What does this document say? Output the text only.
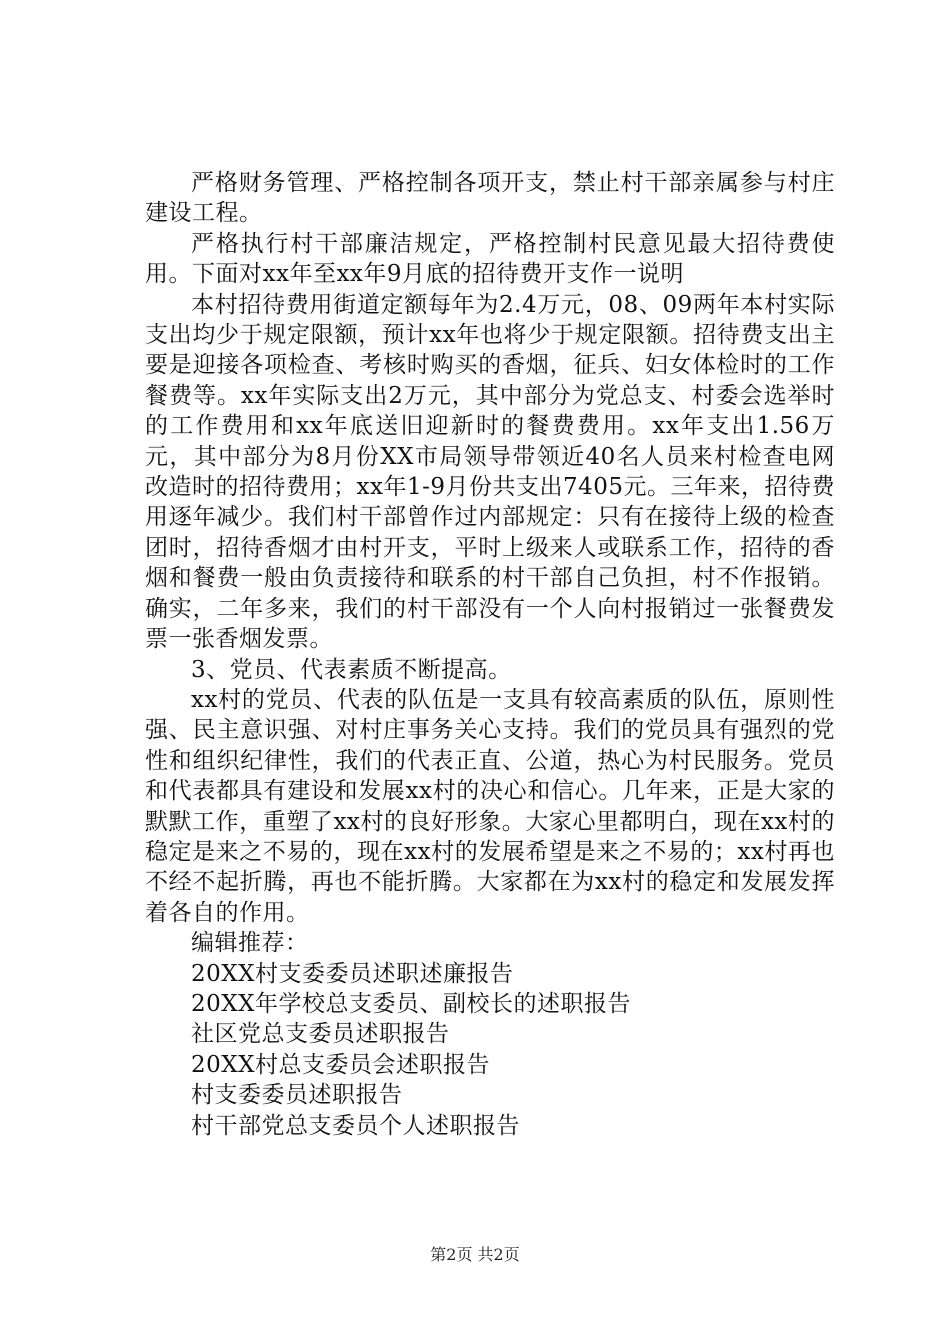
严格财务管理、严格控制各项开支，禁止村干部亲属参与村庄建设工程。

严格执行村干部廉洁规定，严格控制村民意见最大招待费使用。下面对xx年至xx年9月底的招待费开支作一说明

本村招待费用街道定额每年为2.4万元，08、09两年本村实际支出均少于规定限额，预计xx年也将少于规定限额。招待费支出主要是迎接各项检查、考核时购买的香烟，征兵、妇女体检时的工作餐费等。xx年实际支出2万元，其中部分为党总支、村委会选举时的工作费用和xx年底送旧迎新时的餐费费用。xx年支出1.56万元，其中部分为8月份XX市局领导带领近40名人员来村检查电网改造时的招待费用；xx年1-9月份共支出7405元。三年来，招待费用逐年减少。我们村干部曾作过内部规定：只有在接待上级的检查团时，招待香烟才由村开支，平时上级来人或联系工作，招待的香烟和餐费一般由负责接待和联系的村干部自己负担，村不作报销。确实，二年多来，我们的村干部没有一个人向村报销过一张餐费发票一张香烟发票。

3、党员、代表素质不断提高。

xx村的党员、代表的队伍是一支具有较高素质的队伍，原则性强、民主意识强、对村庄事务关心支持。我们的党员具有强烈的党性和组织纪律性，我们的代表正直、公道，热心为村民服务。党员和代表都具有建设和发展xx村的决心和信心。几年来，正是大家的默默工作，重塑了xx村的良好形象。大家心里都明白，现在xx村的稳定是来之不易的，现在xx村的发展希望是来之不易的；xx村再也不经不起折腾，再也不能折腾。大家都在为xx村的稳定和发展发挥着各自的作用。

编辑推荐：

20XX村支委委员述职述廉报告

20XX年学校总支委员、副校长的述职报告

社区党总支委员述职报告

20XX村总支委员会述职报告

村支委委员述职报告

村干部党总支委员个人述职报告

第2页 共2页
